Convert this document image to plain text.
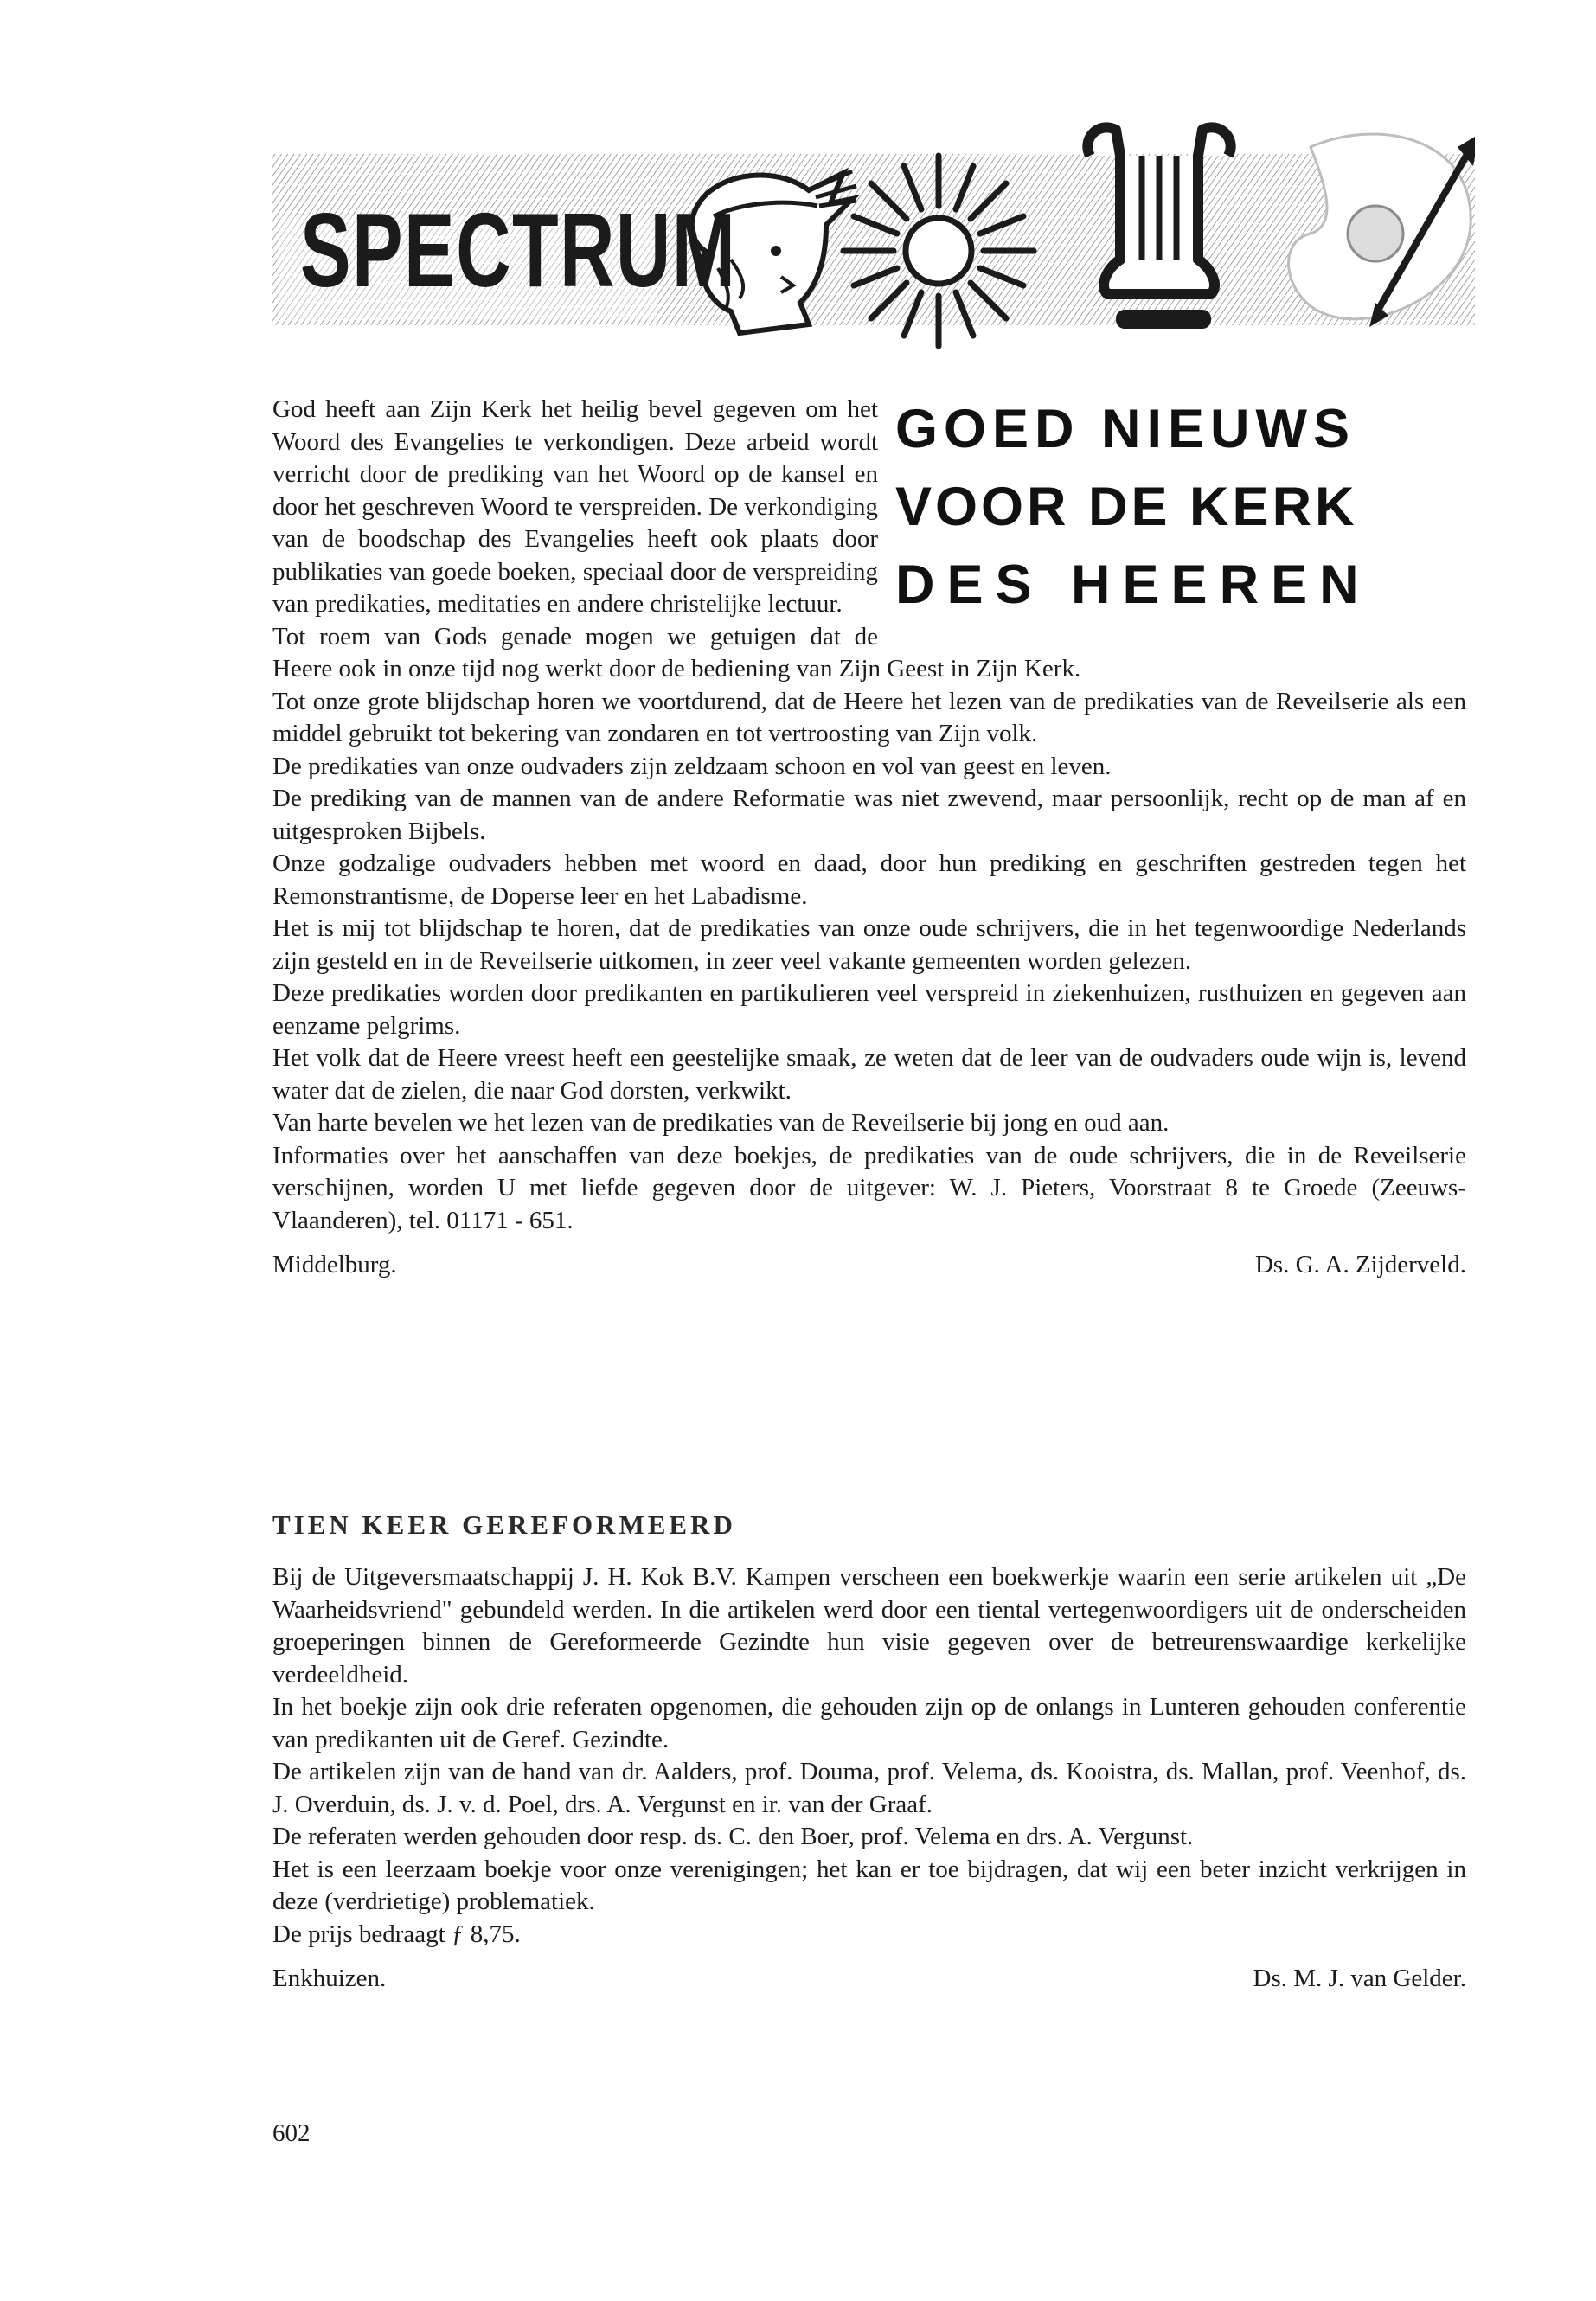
SPECTRUM
GOED NIEUWS
VOOR DE KERK
DES HEEREN

God heeft aan Zijn Kerk het heilig bevel gegeven om het Woord des Evangelies te verkondigen. Deze arbeid wordt verricht door de prediking van het Woord op de kansel en door het geschreven Woord te verspreiden. De verkondiging van de boodschap des Evangelies heeft ook plaats door publikaties van goede boeken, speciaal door de verspreiding van predikaties, meditaties en andere christelijke lectuur.

Tot roem van Gods genade mogen we getuigen dat de Heere ook in onze tijd nog werkt door de bediening van Zijn Geest in Zijn Kerk.

Tot onze grote blijdschap horen we voortdurend, dat de Heere het lezen van de predikaties van de Reveilserie als een middel gebruikt tot bekering van zondaren en tot vertroosting van Zijn volk.

De predikaties van onze oudvaders zijn zeldzaam schoon en vol van geest en leven.

De prediking van de mannen van de andere Reformatie was niet zwevend, maar persoonlijk, recht op de man af en uitgesproken Bijbels.

Onze godzalige oudvaders hebben met woord en daad, door hun prediking en geschriften gestreden tegen het Remonstrantisme, de Doperse leer en het Labadisme.

Het is mij tot blijdschap te horen, dat de predikaties van onze oude schrijvers, die in het tegenwoordige Nederlands zijn gesteld en in de Reveilserie uitkomen, in zeer veel vakante gemeenten worden gelezen.

Deze predikaties worden door predikanten en partikulieren veel verspreid in ziekenhuizen, rusthuizen en gegeven aan eenzame pelgrims.

Het volk dat de Heere vreest heeft een geestelijke smaak, ze weten dat de leer van de oudvaders oude wijn is, levend water dat de zielen, die naar God dorsten, verkwikt.

Van harte bevelen we het lezen van de predikaties van de Reveilserie bij jong en oud aan.

Informaties over het aanschaffen van deze boekjes, de predikaties van de oude schrijvers, die in de Reveilserie verschijnen, worden U met liefde gegeven door de uitgever: W. J. Pieters, Voorstraat 8 te Groede (Zeeuws-Vlaanderen), tel. 01171 - 651.

Middelburg.	Ds. G. A. Zijderveld.
TIEN KEER GEREFORMEERD

Bij de Uitgeversmaatschappij J. H. Kok B.V. Kampen verscheen een boekwerkje waarin een serie artikelen uit „De Waarheidsvriend" gebundeld werden. In die artikelen werd door een tiental vertegenwoordigers uit de onderscheiden groeperingen binnen de Gereformeerde Gezindte hun visie gegeven over de betreurenswaardige kerkelijke verdeeldheid.

In het boekje zijn ook drie referaten opgenomen, die gehouden zijn op de onlangs in Lunteren gehouden conferentie van predikanten uit de Geref. Gezindte.

De artikelen zijn van de hand van dr. Aalders, prof. Douma, prof. Velema, ds. Kooistra, ds. Mallan, prof. Veenhof, ds. J. Overduin, ds. J. v. d. Poel, drs. A. Vergunst en ir. van der Graaf.

De referaten werden gehouden door resp. ds. C. den Boer, prof. Velema en drs. A. Vergunst.

Het is een leerzaam boekje voor onze verenigingen; het kan er toe bijdragen, dat wij een beter inzicht verkrijgen in deze (verdrietige) problematiek.

De prijs bedraagt ƒ 8,75.

Enkhuizen.	Ds. M. J. van Gelder.
602
